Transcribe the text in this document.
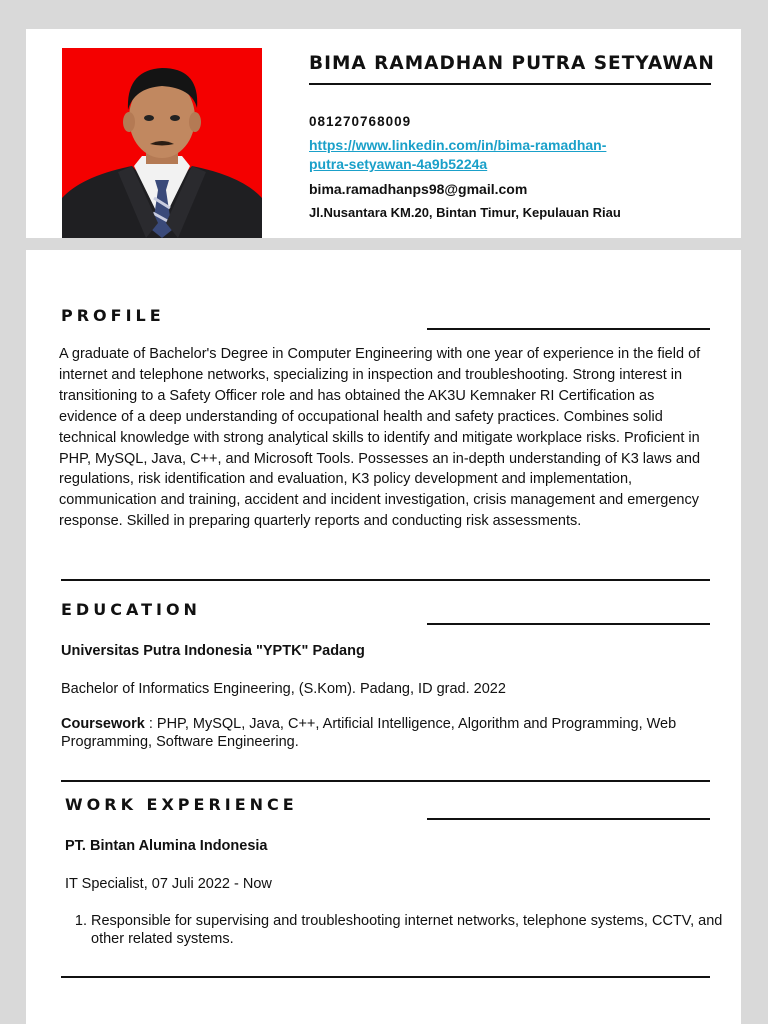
BIMA RAMADHAN PUTRA SETYAWAN
081270768009
https://www.linkedin.com/in/bima-ramadhan-putra-setyawan-4a9b5224a
bima.ramadhanps98@gmail.com
Jl.Nusantara KM.20, Bintan Timur, Kepulauan Riau
PROFILE
A graduate of Bachelor's Degree in Computer Engineering with one year of experience in the field of internet and telephone networks, specializing in inspection and troubleshooting. Strong interest in transitioning to a Safety Officer role and has obtained the AK3U Kemnaker RI Certification as evidence of a deep understanding of occupational health and safety practices. Combines solid technical knowledge with strong analytical skills to identify and mitigate workplace risks. Proficient in PHP, MySQL, Java, C++, and Microsoft Tools. Possesses an in-depth understanding of K3 laws and regulations, risk identification and evaluation, K3 policy development and implementation, communication and training, accident and incident investigation, crisis management and emergency response. Skilled in preparing quarterly reports and conducting risk assessments.
EDUCATION
Universitas Putra Indonesia "YPTK" Padang
Bachelor of Informatics Engineering, (S.Kom). Padang, ID grad. 2022
Coursework : PHP, MySQL, Java, C++, Artificial Intelligence, Algorithm and Programming, Web Programming, Software Engineering.
WORK EXPERIENCE
PT. Bintan Alumina Indonesia
IT Specialist, 07 Juli 2022 - Now
1. Responsible for supervising and troubleshooting internet networks, telephone systems, CCTV, and other related systems.
